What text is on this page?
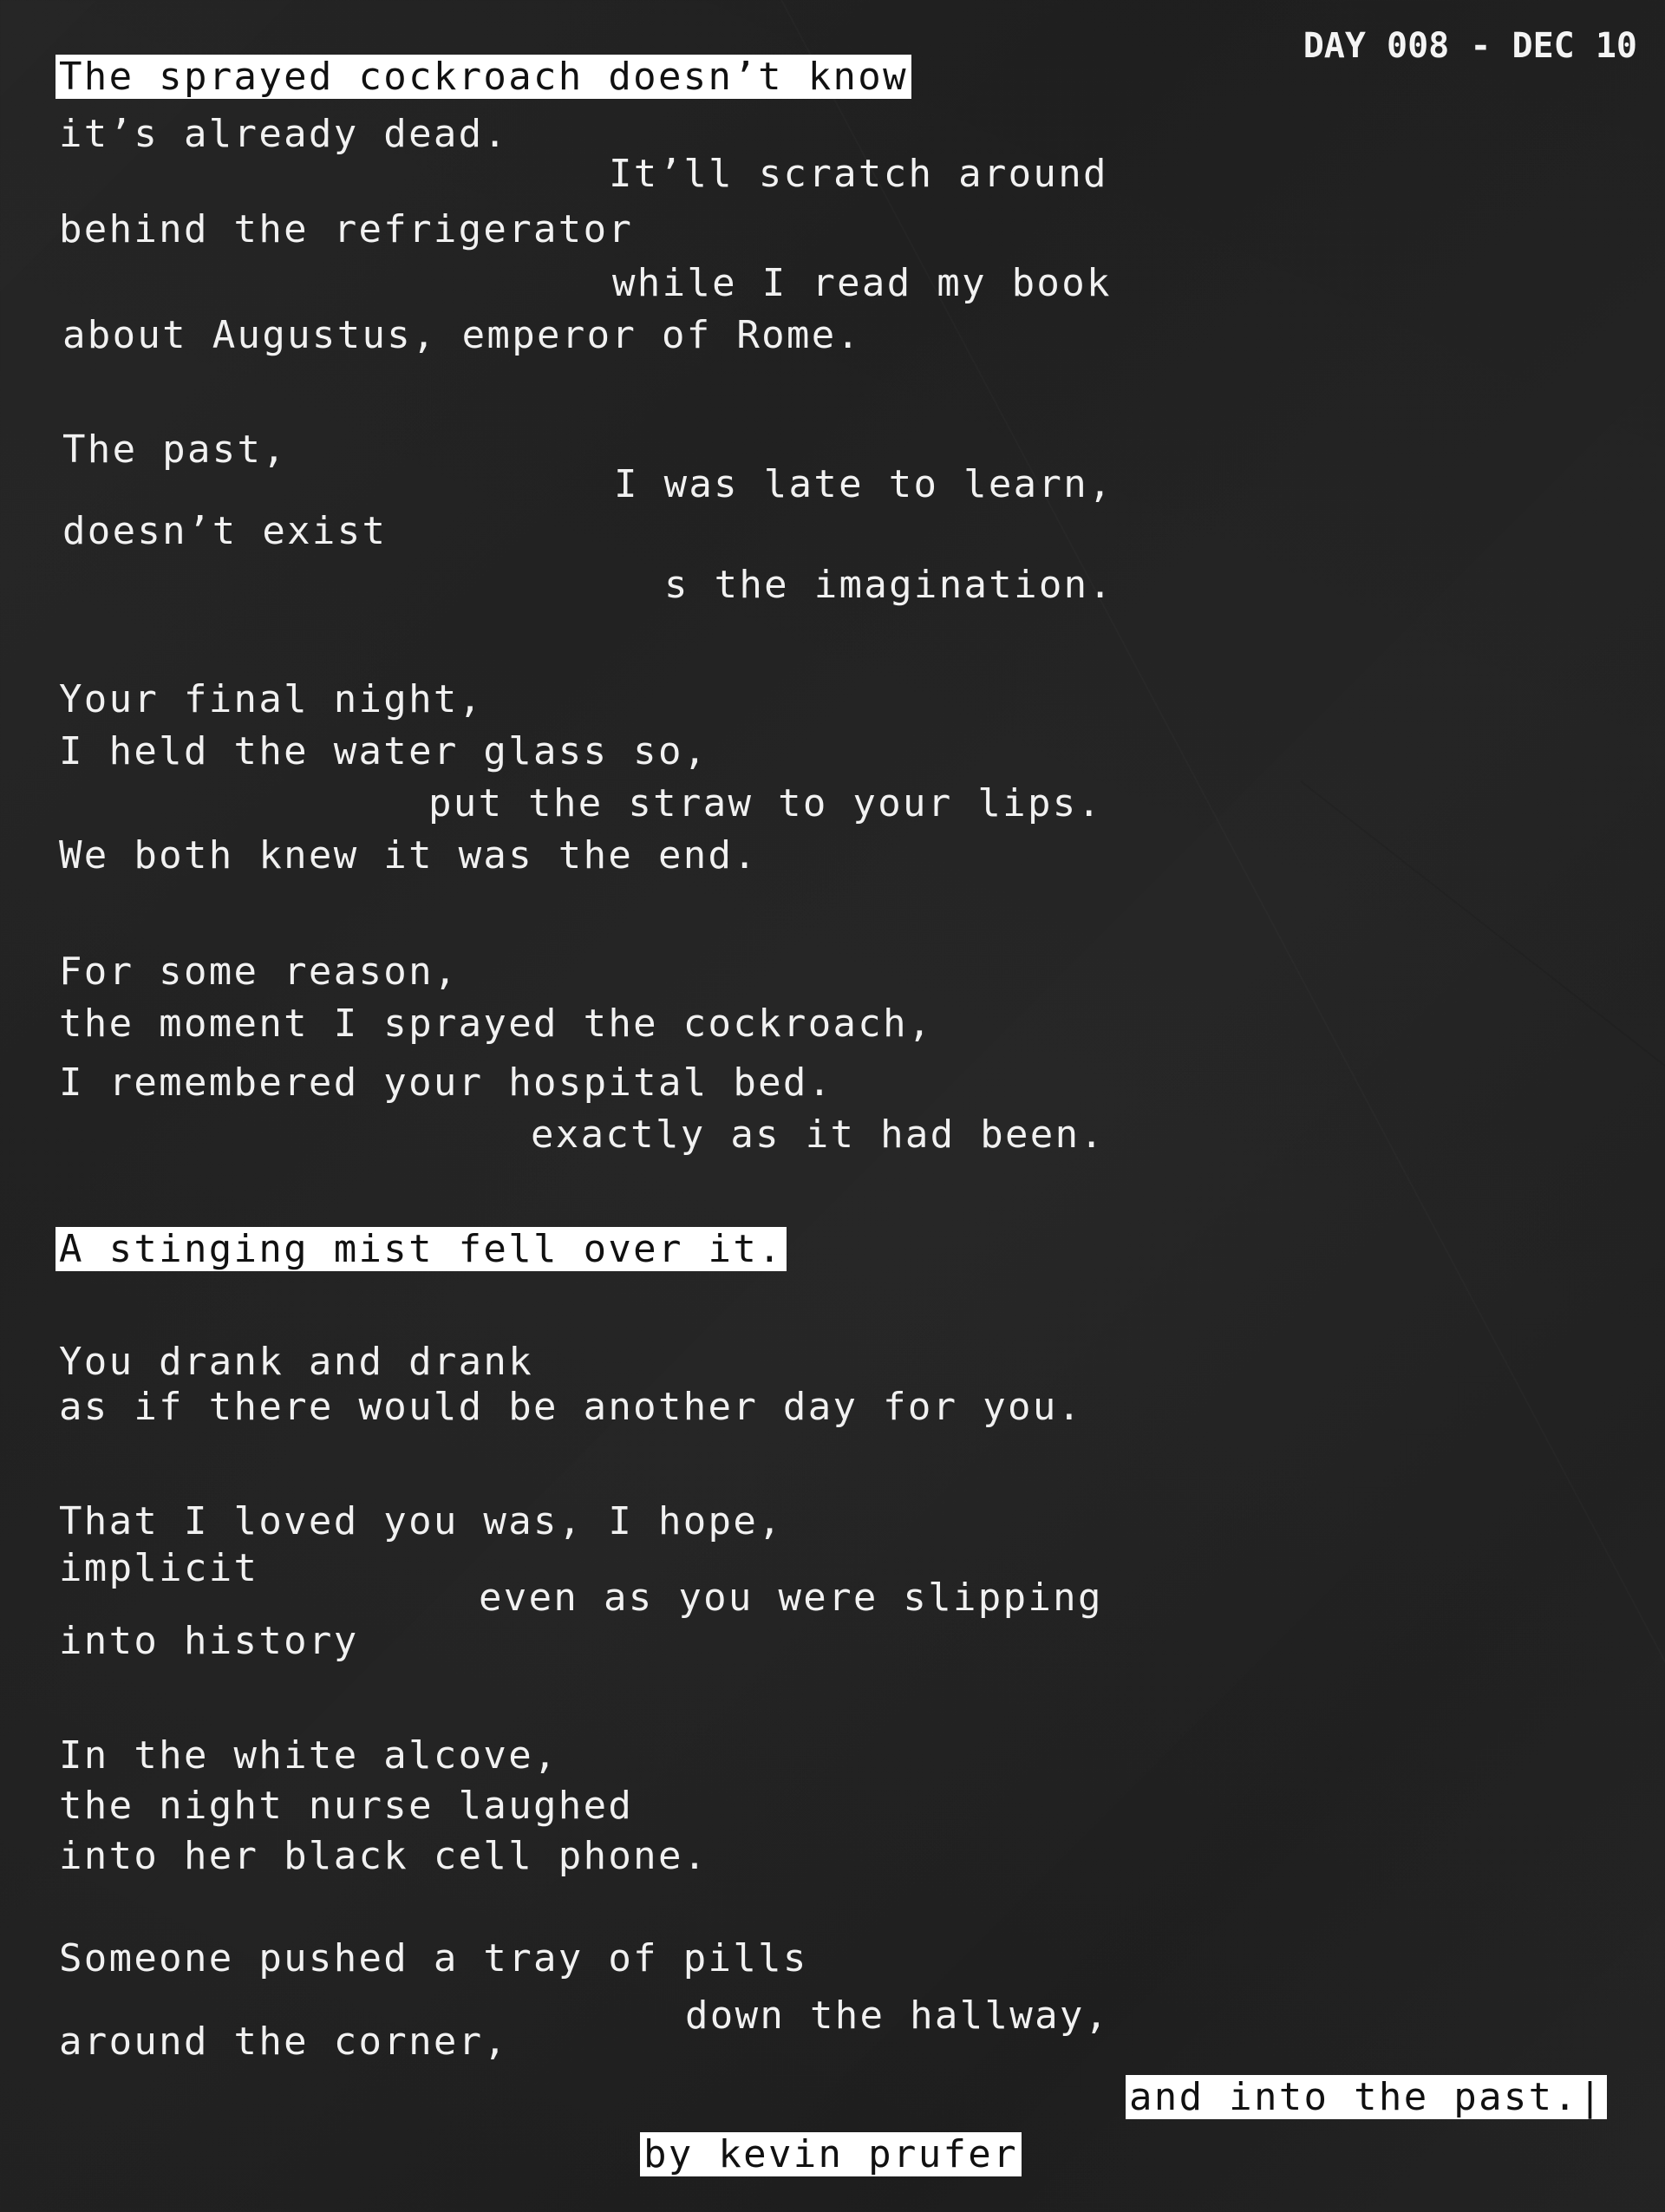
DAY 008 - DEC 10
The sprayed cockroach doesn’t know
it’s already dead.
It’ll scratch around
behind the refrigerator
while I read my book
about Augustus, emperor of Rome.
The past,
I was late to learn,
doesn’t exist
s the imagination.
Your final night,
I held the water glass so,
put the straw to your lips.
We both knew it was the end.
For some reason,
the moment I sprayed the cockroach,
I remembered your hospital bed.
exactly as it had been.
A stinging mist fell over it.
You drank and drank
as if there would be another day for you.
That I loved you was, I hope,
implicit
even as you were slipping
into history
In the white alcove,
the night nurse laughed
into her black cell phone.
Someone pushed a tray of pills
down the hallway,
around the corner,
and into the past.|
by kevin prufer
